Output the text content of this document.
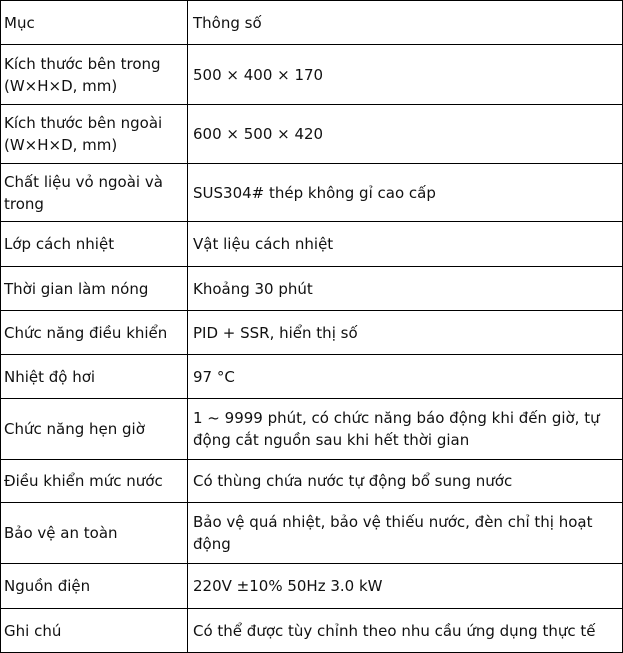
Mục	Thông số
Kích thước bên trong (W×H×D, mm)	500 × 400 × 170
Kích thước bên ngoài (W×H×D, mm)	600 × 500 × 420
Chất liệu vỏ ngoài và trong	SUS304# thép không gỉ cao cấp
Lớp cách nhiệt	Vật liệu cách nhiệt
Thời gian làm nóng	Khoảng 30 phút
Chức năng điều khiển	PID + SSR, hiển thị số
Nhiệt độ hơi	97 °C
Chức năng hẹn giờ	1 ~ 9999 phút, có chức năng báo động khi đến giờ, tự động cắt nguồn sau khi hết thời gian
Điều khiển mức nước	Có thùng chứa nước tự động bổ sung nước
Bảo vệ an toàn	Bảo vệ quá nhiệt, bảo vệ thiếu nước, đèn chỉ thị hoạt động
Nguồn điện	220V ±10% 50Hz 3.0 kW
Ghi chú	Có thể được tùy chỉnh theo nhu cầu ứng dụng thực tế
